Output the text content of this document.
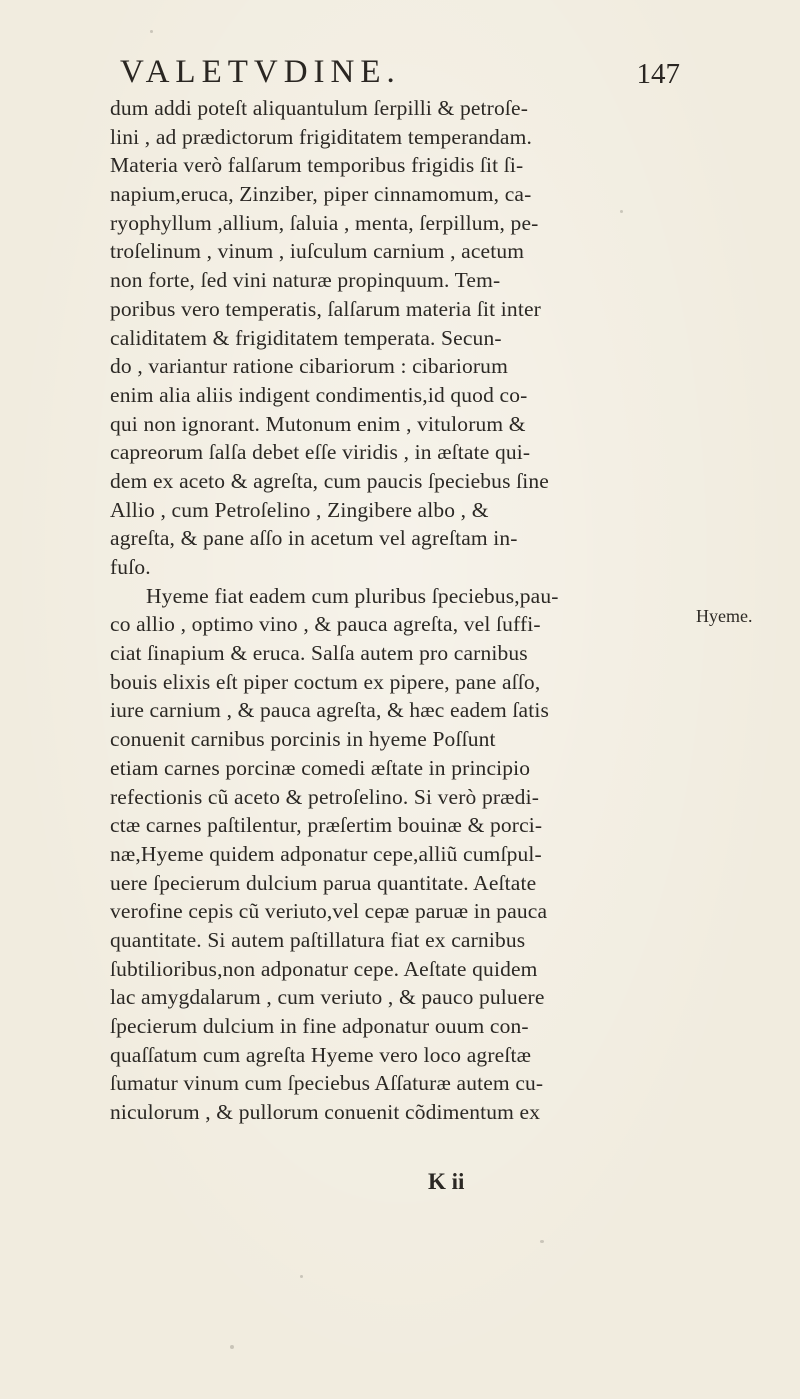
VALETVDINE.	147
dum addi poteſt aliquantulum ſerpilli & petroſe-
lini , ad prædictorum frigiditatem temperandam.
Materia verò falſarum temporibus frigidis ſit ſi-
napium,eruca, Zinziber, piper cinnamomum, ca-
ryophyllum ,allium, ſaluia , menta, ſerpillum, pe-
troſelinum , vinum , iuſculum carnium , acetum
non forte, ſed vini naturæ propinquum. Tem-
poribus vero temperatis, ſalſarum materia ſit inter
caliditatem & frigiditatem temperata. Secun-
do , variantur ratione cibariorum : cibariorum
enim alia aliis indigent condimentis,id quod co-
qui non ignorant. Mutonum enim , vitulorum &
capreorum ſalſa debet eſſe viridis , in æſtate qui-
dem ex aceto & agreſta, cum paucis ſpeciebus ſine
Allio , cum Petroſelino , Zingibere albo , &
agreſta, & pane aſſo in acetum vel agreſtam in-
fuſo.
Hyeme fiat eadem cum pluribus ſpeciebus,pau-
co allio , optimo vino , & pauca agreſta, vel ſuffi-
ciat ſinapium & eruca. Salſa autem pro carnibus
bouis elixis eſt piper coctum ex pipere, pane aſſo,
iure carnium , & pauca agreſta, & hæc eadem ſatis
conuenit carnibus porcinis in hyeme Poſſunt
etiam carnes porcinæ comedi æſtate in principio
refectionis cũ aceto & petroſelino. Si verò prædi-
ctæ carnes paſtilentur, præſertim bouinæ & porci-
næ,Hyeme quidem adponatur cepe,alliũ cumſpul-
uere ſpecierum dulcium parua quantitate. Aeſtate
verofine cepis cũ veriuto,vel cepæ paruæ in pauca
quantitate. Si autem paſtillatura fiat ex carnibus
ſubtilioribus,non adponatur cepe. Aeſtate quidem
lac amygdalarum , cum veriuto , & pauco puluere
ſpecierum dulcium in fine adponatur ouum con-
quaſſatum cum agreſta Hyeme vero loco agreſtæ
ſumatur vinum cum ſpeciebus Aſſaturæ autem cu-
niculorum , & pullorum conuenit cõdimentum ex
Hyeme.
K ii
